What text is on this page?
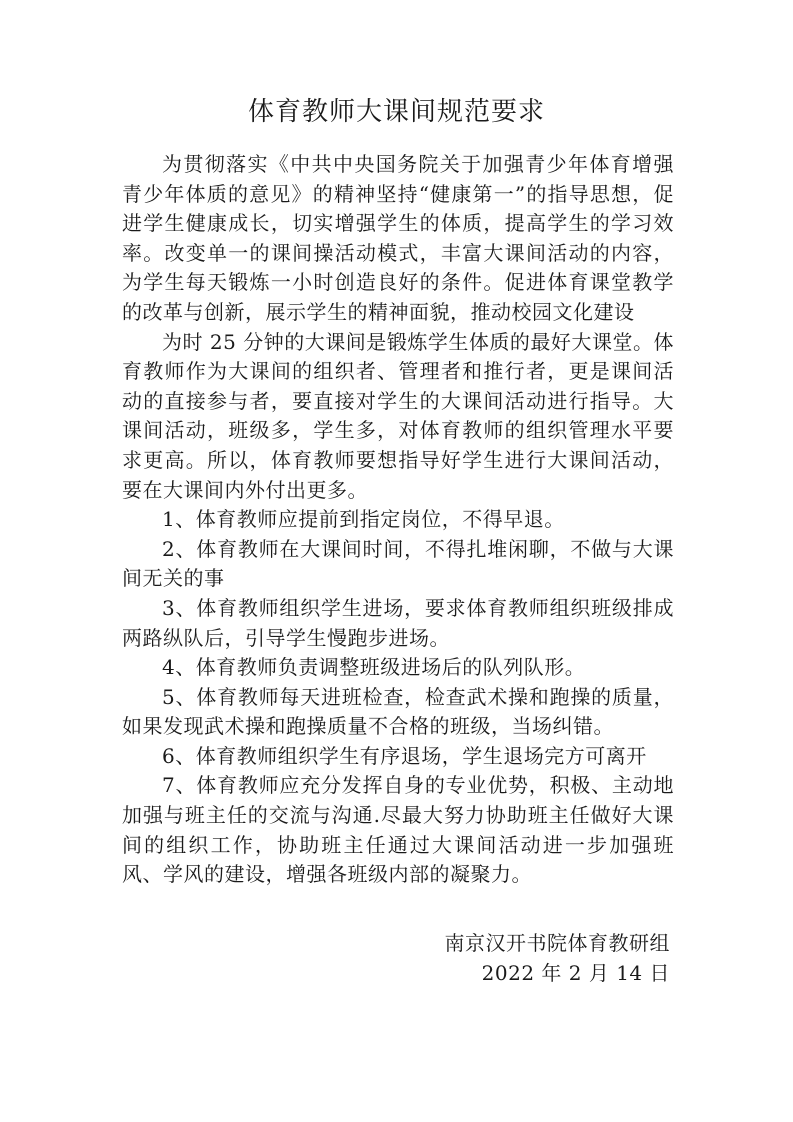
体育教师大课间规范要求

为贯彻落实《中共中央国务院关于加强青少年体育增强青少年体质的意见》的精神坚持“健康第一”的指导思想，促进学生健康成长，切实增强学生的体质，提高学生的学习效率。改变单一的课间操活动模式，丰富大课间活动的内容，为学生每天锻炼一小时创造良好的条件。促进体育课堂教学的改革与创新，展示学生的精神面貌，推动校园文化建设

为时 25 分钟的大课间是锻炼学生体质的最好大课堂。体育教师作为大课间的组织者、管理者和推行者，更是课间活动的直接参与者，要直接对学生的大课间活动进行指导。大课间活动，班级多，学生多，对体育教师的组织管理水平要求更高。所以，体育教师要想指导好学生进行大课间活动，要在大课间内外付出更多。

1、体育教师应提前到指定岗位，不得早退。

2、体育教师在大课间时间，不得扎堆闲聊，不做与大课间无关的事

3、体育教师组织学生进场，要求体育教师组织班级排成两路纵队后，引导学生慢跑步进场。

4、体育教师负责调整班级进场后的队列队形。

5、体育教师每天进班检查，检查武术操和跑操的质量，如果发现武术操和跑操质量不合格的班级，当场纠错。

6、体育教师组织学生有序退场，学生退场完方可离开

7、体育教师应充分发挥自身的专业优势，积极、主动地加强与班主任的交流与沟通.尽最大努力协助班主任做好大课间的组织工作，协助班主任通过大课间活动进一步加强班风、学风的建设，增强各班级内部的凝聚力。

南京汉开书院体育教研组
2022 年 2 月 14 日
